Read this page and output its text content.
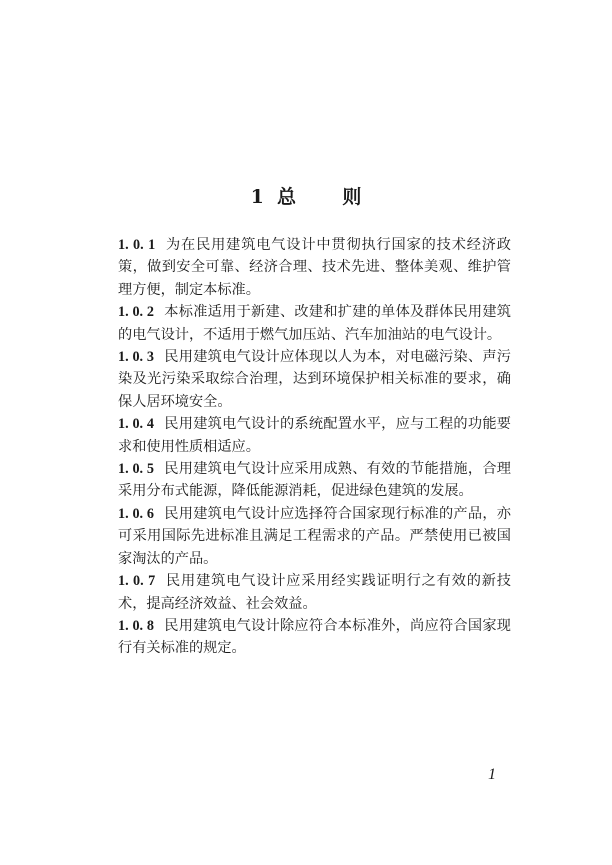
1  总       则

1. 0. 1 为在民用建筑电气设计中贯彻执行国家的技术经济政策，做到安全可靠、经济合理、技术先进、整体美观、维护管理方便，制定本标准。

1. 0. 2 本标准适用于新建、改建和扩建的单体及群体民用建筑的电气设计，不适用于燃气加压站、汽车加油站的电气设计。

1. 0. 3 民用建筑电气设计应体现以人为本，对电磁污染、声污染及光污染采取综合治理，达到环境保护相关标准的要求，确保人居环境安全。

1. 0. 4 民用建筑电气设计的系统配置水平，应与工程的功能要求和使用性质相适应。

1. 0. 5 民用建筑电气设计应采用成熟、有效的节能措施，合理采用分布式能源，降低能源消耗，促进绿色建筑的发展。

1. 0. 6 民用建筑电气设计应选择符合国家现行标准的产品，亦可采用国际先进标准且满足工程需求的产品。严禁使用已被国家淘汰的产品。

1. 0. 7 民用建筑电气设计应采用经实践证明行之有效的新技术，提高经济效益、社会效益。

1. 0. 8 民用建筑电气设计除应符合本标准外，尚应符合国家现行有关标准的规定。

1
